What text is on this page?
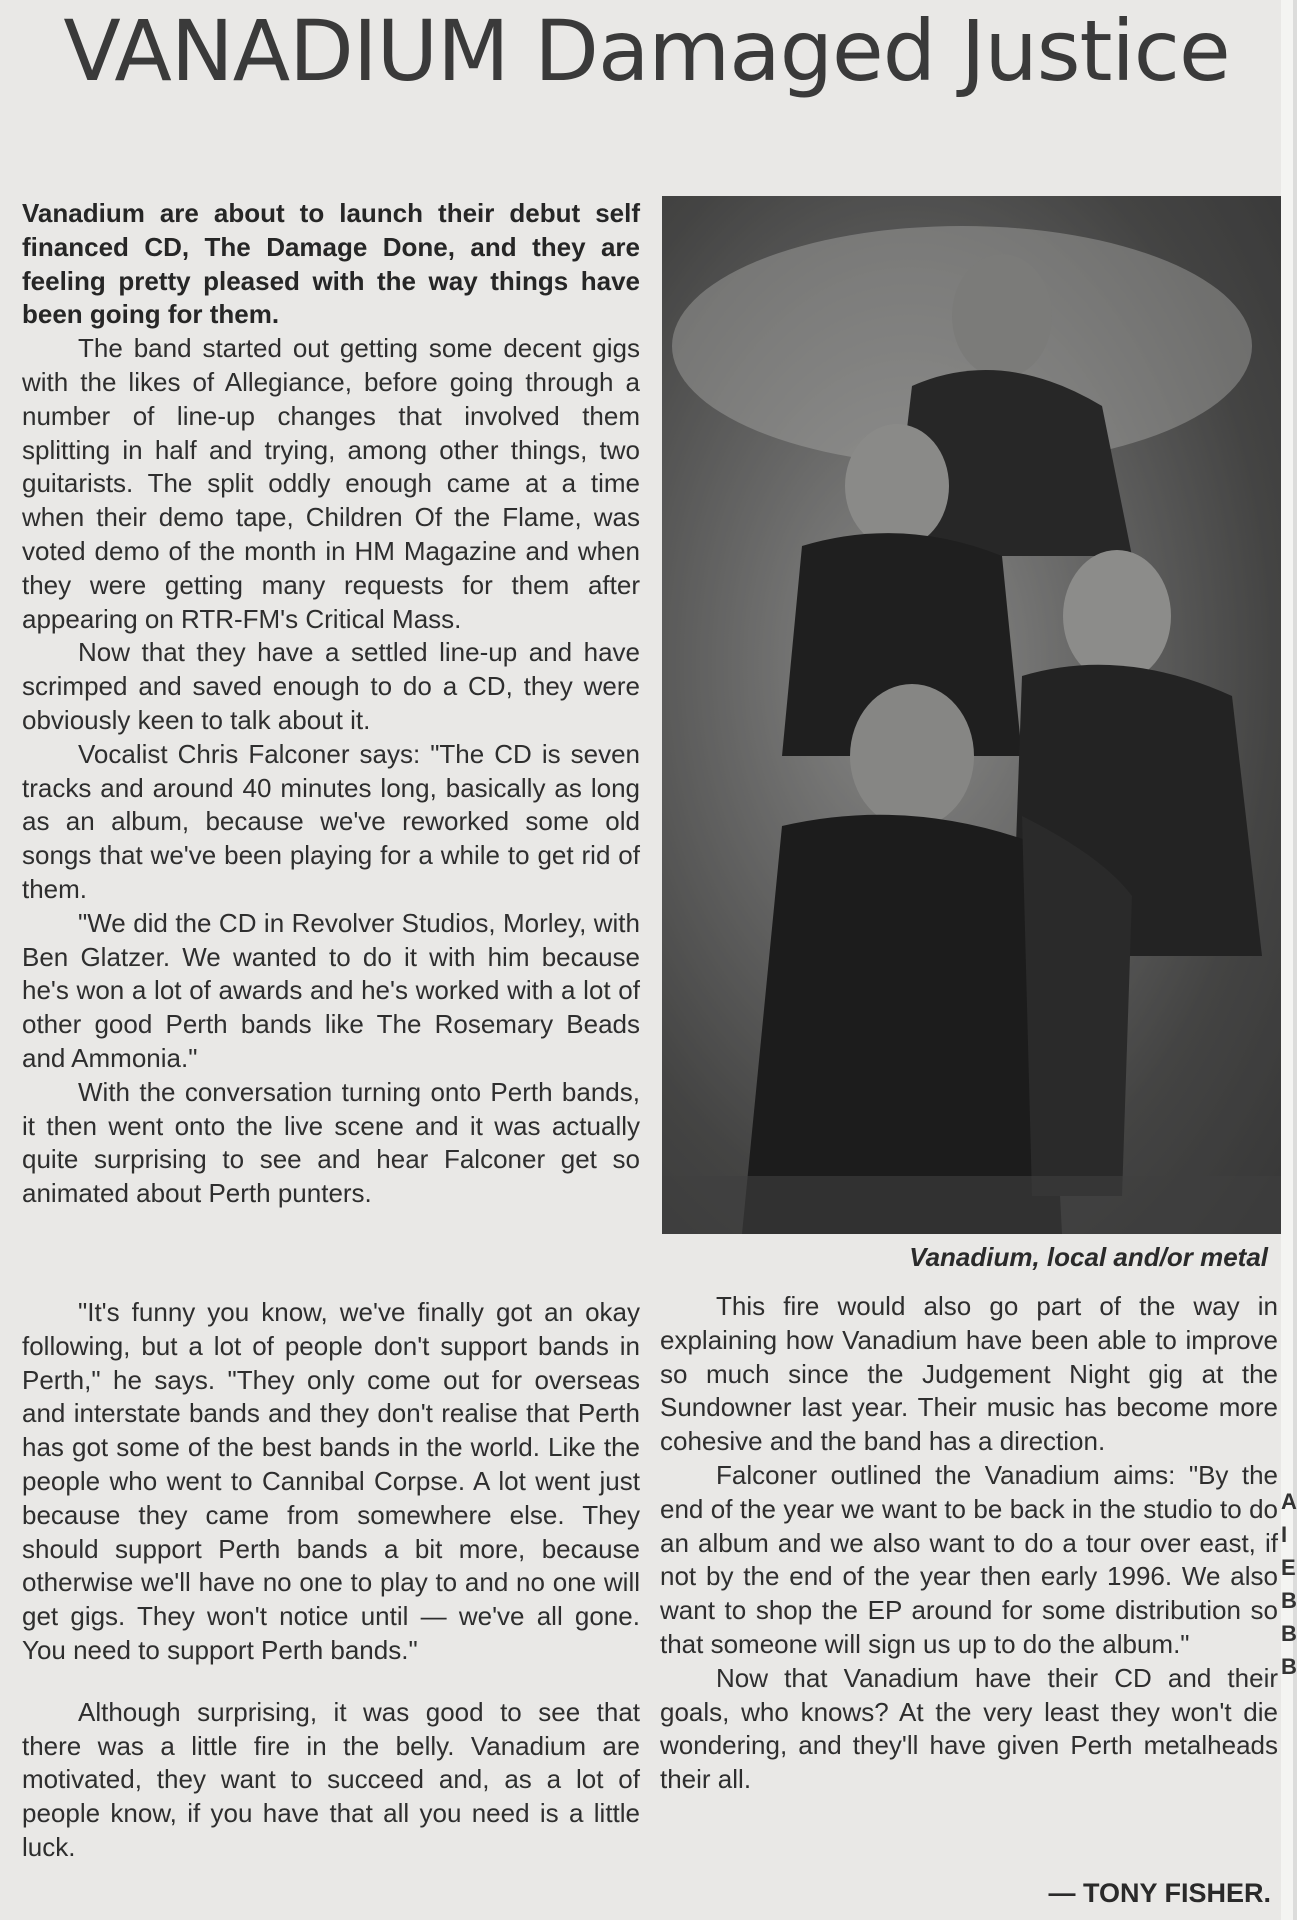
VANADIUM Damaged Justice

Vanadium are about to launch their debut self financed CD, The Damage Done, and they are feeling pretty pleased with the way things have been going for them.

The band started out getting some decent gigs with the likes of Allegiance, before going through a number of line-up changes that involved them splitting in half and trying, among other things, two guitarists. The split oddly enough came at a time when their demo tape, Children Of the Flame, was voted demo of the month in HM Magazine and when they were getting many requests for them after appearing on RTR-FM's Critical Mass.

Now that they have a settled line-up and have scrimped and saved enough to do a CD, they were obviously keen to talk about it.

Vocalist Chris Falconer says: "The CD is seven tracks and around 40 minutes long, basically as long as an album, because we've reworked some old songs that we've been playing for a while to get rid of them.

"We did the CD in Revolver Studios, Morley, with Ben Glatzer. We wanted to do it with him because he's won a lot of awards and he's worked with a lot of other good Perth bands like The Rosemary Beads and Ammonia."

With the conversation turning onto Perth bands, it then went onto the live scene and it was actually quite surprising to see and hear Falconer get so animated about Perth punters.

Vanadium, local and/or metal

"It's funny you know, we've finally got an okay following, but a lot of people don't support bands in Perth," he says. "They only come out for overseas and interstate bands and they don't realise that Perth has got some of the best bands in the world. Like the people who went to Cannibal Corpse. A lot went just because they came from somewhere else. They should support Perth bands a bit more, because otherwise we'll have no one to play to and no one will get gigs. They won't notice until — we've all gone. You need to support Perth bands."

Although surprising, it was good to see that there was a little fire in the belly. Vanadium are motivated, they want to succeed and, as a lot of people know, if you have that all you need is a little luck.

This fire would also go part of the way in explaining how Vanadium have been able to improve so much since the Judgement Night gig at the Sundowner last year. Their music has become more cohesive and the band has a direction.

Falconer outlined the Vanadium aims: "By the end of the year we want to be back in the studio to do an album and we also want to do a tour over east, if not by the end of the year then early 1996. We also want to shop the EP around for some distribution so that someone will sign us up to do the album."

Now that Vanadium have their CD and their goals, who knows? At the very least they won't die wondering, and they'll have given Perth metalheads their all.

— TONY FISHER.
A
I
E
B
B
B
